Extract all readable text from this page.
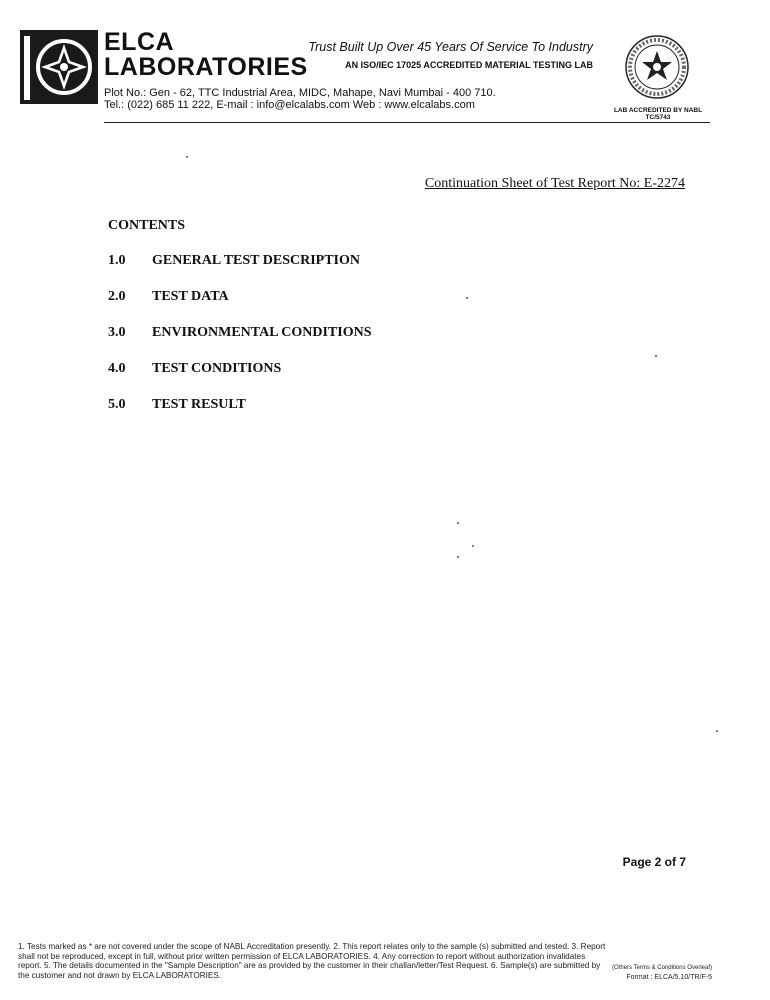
ELCA
LABORATORIES
Trust Built Up Over 45 Years Of Service To Industry
AN ISO/IEC 17025 ACCREDITED MATERIAL TESTING LAB
Plot No.: Gen - 62, TTC Industrial Area, MIDC, Mahape, Navi Mumbai - 400 710.
Tel.: (022) 685 11 222, E-mail : info@elcalabs.com Web : www.elcalabs.com	LAB ACCREDITED BY NABL
TC/5743
Continuation Sheet of Test Report No: E-2274
CONTENTS
1.0 GENERAL TEST DESCRIPTION
2.0 TEST DATA
3.0 ENVIRONMENTAL CONDITIONS
4.0 TEST CONDITIONS
5.0 TEST RESULT
Page 2 of 7
1. Tests marked as * are not covered under the scope of NABL Accreditation presently. 2. This report relates only to the sample (s) submitted and tested. 3. Report shall not be reproduced, except in full, without prior written permission of ELCA LABORATORIES. 4. Any correction to report without authorization invalidates report. 5. The details documented in the "Sample Description" are as provided by the customer in their challan/letter/Test Request. 6. Sample(s) are submitted by the customer and not drawn by ELCA LABORATORIES.
(Others Terms & Conditions Overleaf)
Format : ELCA/5.10/TR/F-5
